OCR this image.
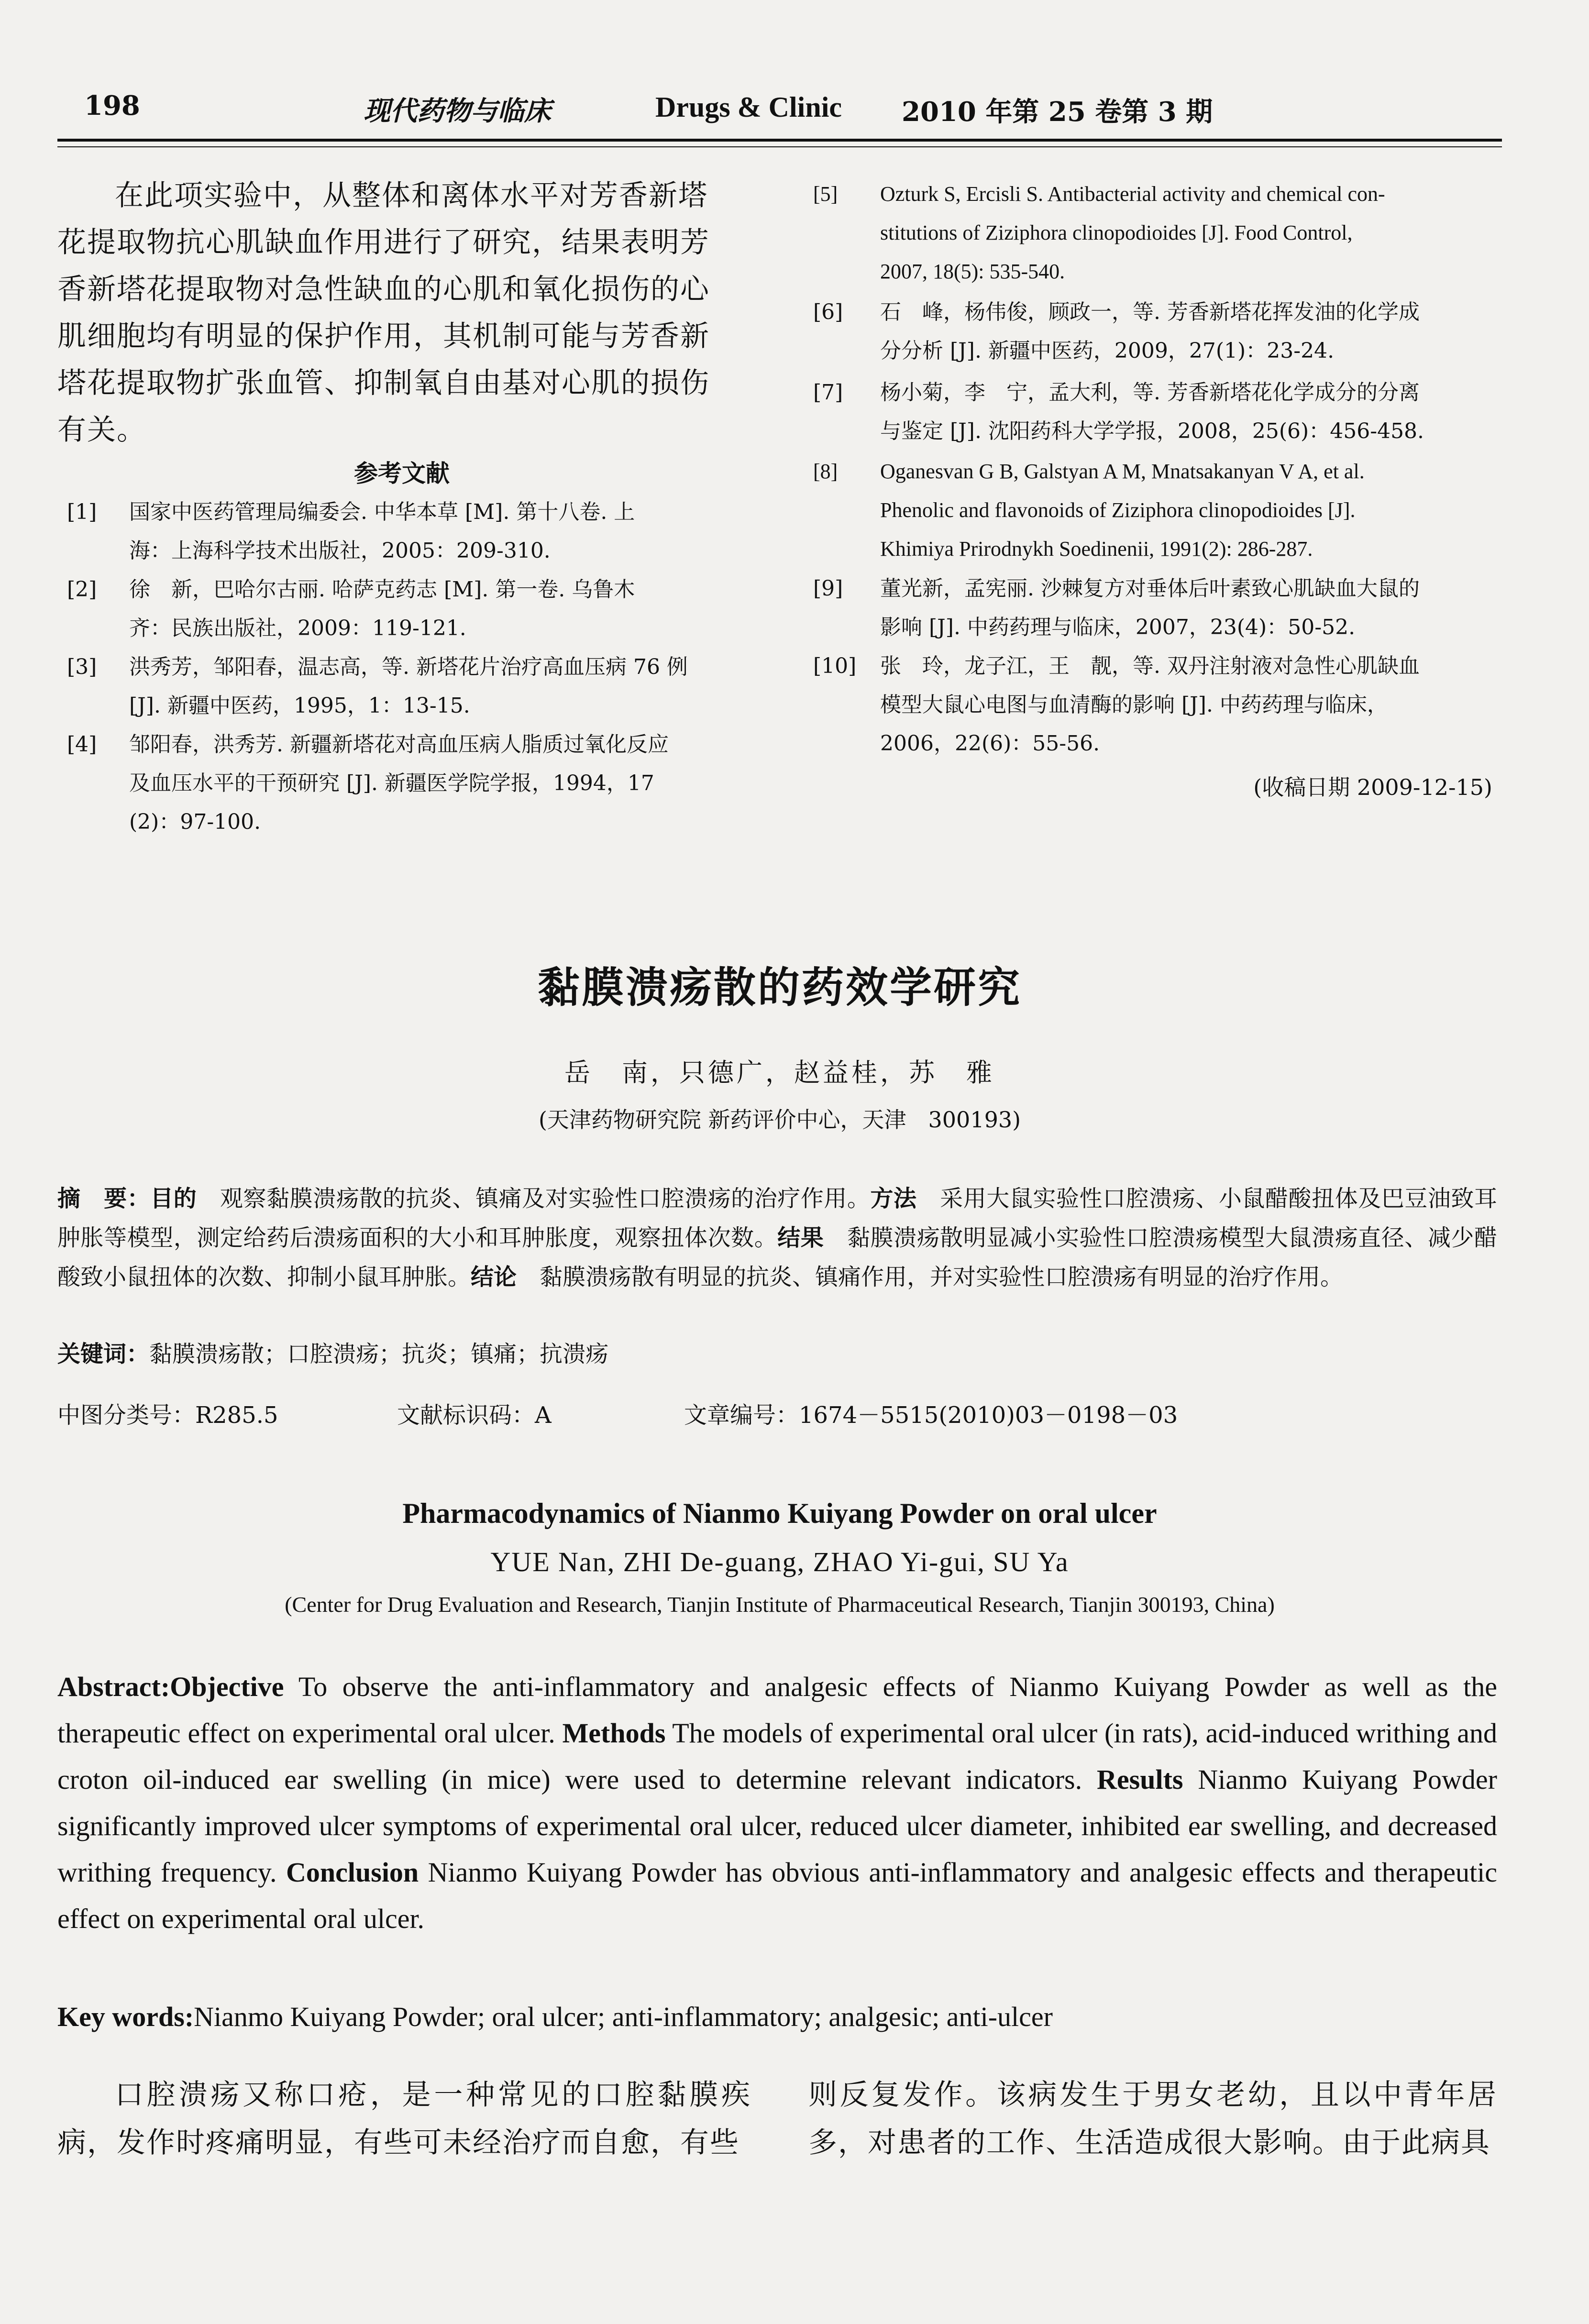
198	现代药物与临床	Drugs & Clinic 2010 年第 25 卷第 3 期
在此项实验中，从整体和离体水平对芳香新塔
花提取物抗心肌缺血作用进行了研究，结果表明芳
香新塔花提取物对急性缺血的心肌和氧化损伤的心
肌细胞均有明显的保护作用，其机制可能与芳香新
塔花提取物扩张血管、抑制氧自由基对心肌的损伤
有关。
参考文献
[1]	国家中医药管理局编委会. 中华本草 [M]. 第十八卷. 上
海：上海科学技术出版社，2005：209-310.
[2]	徐　新，巴哈尔古丽. 哈萨克药志 [M]. 第一卷. 乌鲁木
齐：民族出版社，2009：119-121.
[3]	洪秀芳，邹阳春，温志高，等. 新塔花片治疗高血压病 76 例
[J]. 新疆中医药，1995，1：13-15.
[4]	邹阳春，洪秀芳. 新疆新塔花对高血压病人脂质过氧化反应
及血压水平的干预研究 [J]. 新疆医学院学报，1994，17
(2)：97-100.
[5]	Ozturk S, Ercisli S. Antibacterial activity and chemical con-
stitutions of Ziziphora clinopodioides [J]. Food Control,
2007, 18(5): 535-540.
[6]	石　峰，杨伟俊，顾政一，等. 芳香新塔花挥发油的化学成
分分析 [J]. 新疆中医药，2009，27(1)：23-24.
[7]	杨小菊，李　宁，孟大利，等. 芳香新塔花化学成分的分离
与鉴定 [J]. 沈阳药科大学学报，2008，25(6)：456-458.
[8]	Oganesvan G B, Galstyan A M, Mnatsakanyan V A, et al.
Phenolic and flavonoids of Ziziphora clinopodioides [J].
Khimiya Prirodnykh Soedinenii, 1991(2): 286-287.
[9]	董光新，孟宪丽. 沙棘复方对垂体后叶素致心肌缺血大鼠的
影响 [J]. 中药药理与临床，2007，23(4)：50-52.
[10]	张　玲，龙子江，王　靓，等. 双丹注射液对急性心肌缺血
模型大鼠心电图与血清酶的影响 [J]. 中药药理与临床，
2006，22(6)：55-56.
(收稿日期 2009-12-15)
黏膜溃疡散的药效学研究
岳　南，只德广，赵益桂，苏　雅
(天津药物研究院 新药评价中心，天津　300193)
摘　要：目的　观察黏膜溃疡散的抗炎、镇痛及对实验性口腔溃疡的治疗作用。方法　采用大鼠实验性口腔溃疡、小鼠醋酸扭体及巴豆油致耳肿胀等模型，测定给药后溃疡面积的大小和耳肿胀度，观察扭体次数。结果　黏膜溃疡散明显减小实验性口腔溃疡模型大鼠溃疡直径、减少醋酸致小鼠扭体的次数、抑制小鼠耳肿胀。结论　黏膜溃疡散有明显的抗炎、镇痛作用，并对实验性口腔溃疡有明显的治疗作用。
关键词：黏膜溃疡散；口腔溃疡；抗炎；镇痛；抗溃疡
中图分类号：R285.5	文献标识码：A	文章编号：1674－5515(2010)03－0198－03
Pharmacodynamics of Nianmo Kuiyang Powder on oral ulcer
YUE Nan, ZHI De-guang, ZHAO Yi-gui, SU Ya
(Center for Drug Evaluation and Research, Tianjin Institute of Pharmaceutical Research, Tianjin 300193, China)
Abstract:Objective To observe the anti-inflammatory and analgesic effects of Nianmo Kuiyang Powder as well as the therapeutic effect on experimental oral ulcer. Methods The models of experimental oral ulcer (in rats), acid-induced writhing and croton oil-induced ear swelling (in mice) were used to determine relevant indicators. Results Nianmo Kuiyang Powder significantly improved ulcer symptoms of experimental oral ulcer, reduced ulcer diameter, inhibited ear swelling, and decreased writhing frequency. Conclusion Nianmo Kuiyang Powder has obvious anti-inflammatory and analgesic effects and therapeutic effect on experimental oral ulcer.
Key words:Nianmo Kuiyang Powder; oral ulcer; anti-inflammatory; analgesic; anti-ulcer
口腔溃疡又称口疮，是一种常见的口腔黏膜疾病，发作时疼痛明显，有些可未经治疗而自愈，有些
则反复发作。该病发生于男女老幼，且以中青年居多，对患者的工作、生活造成很大影响。由于此病具
